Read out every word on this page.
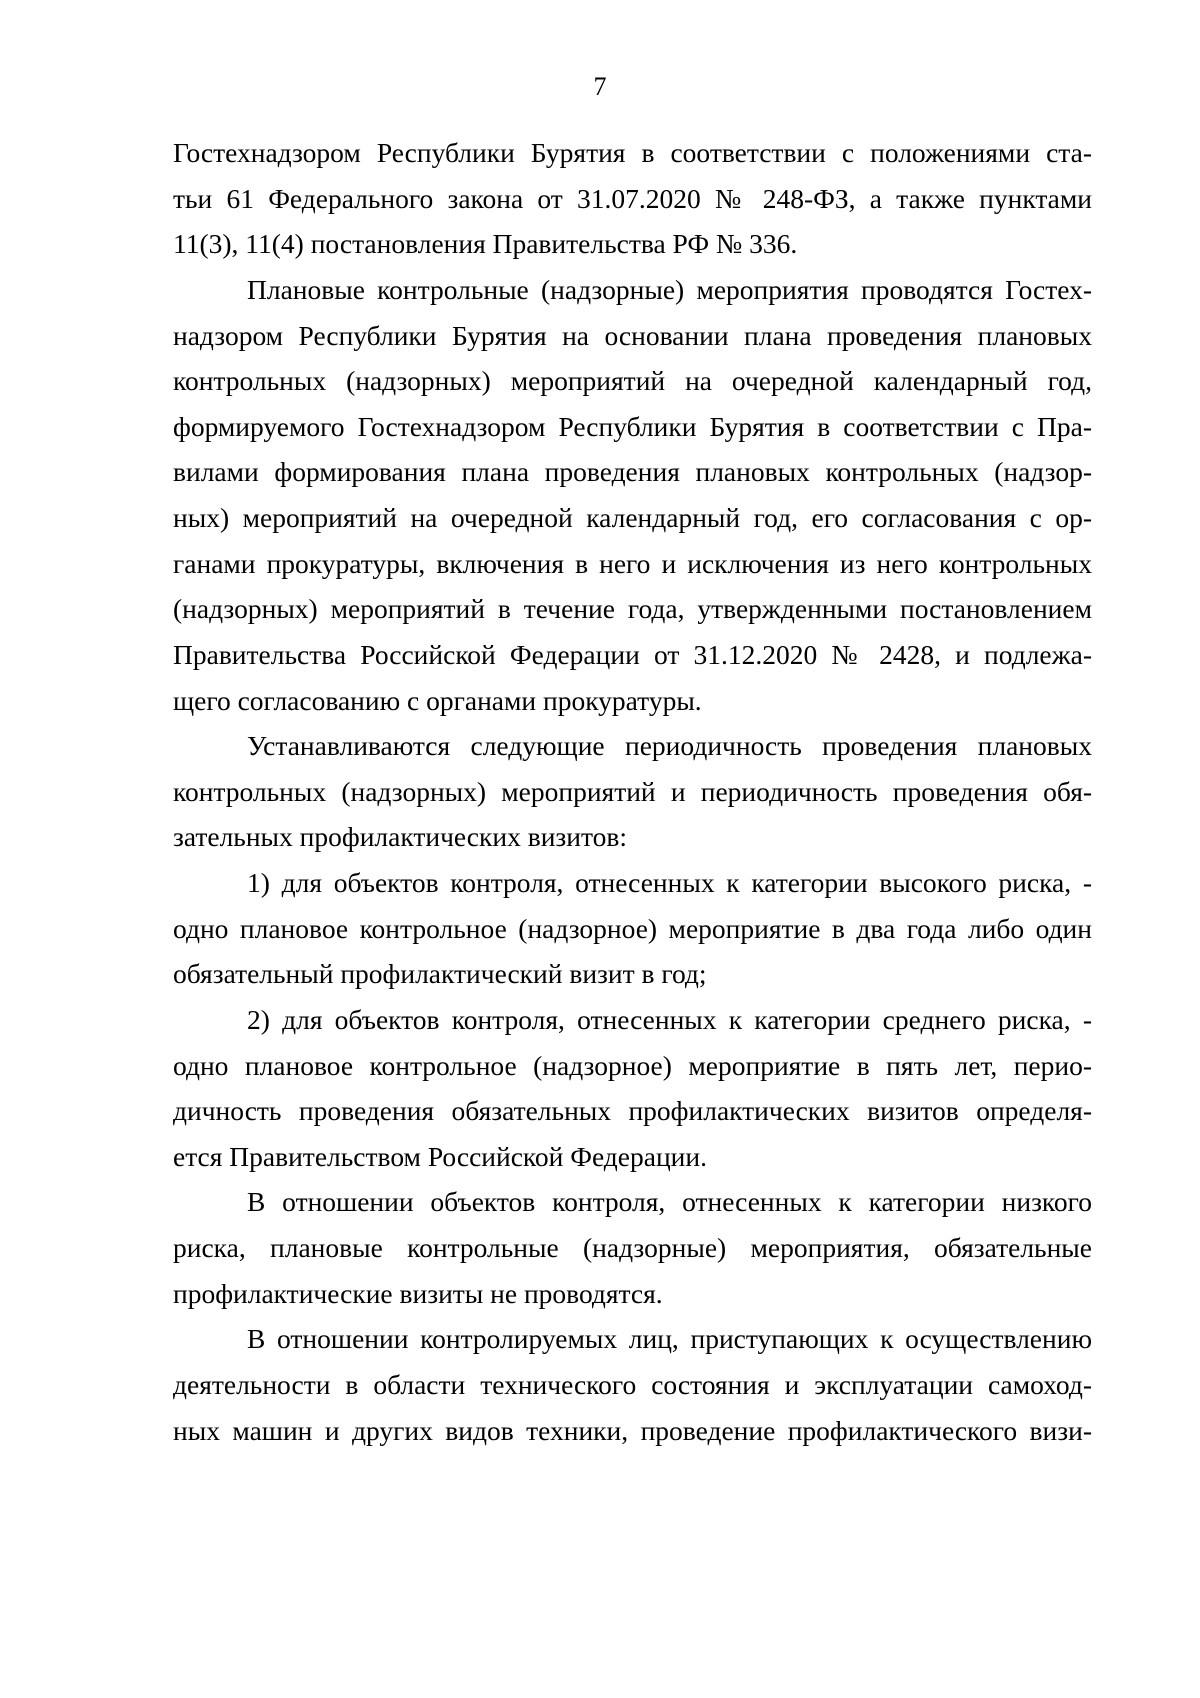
7
Гостехнадзором Республики Бурятия в соответствии с положениями ста-
тьи 61 Федерального закона от 31.07.2020 № 248-ФЗ, а также пунктами
11(3), 11(4) постановления Правительства РФ № 336.
Плановые контрольные (надзорные) мероприятия проводятся Гостех-
надзором Республики Бурятия на основании плана проведения плановых
контрольных (надзорных) мероприятий на очередной календарный год,
формируемого Гостехнадзором Республики Бурятия в соответствии с Пра-
вилами формирования плана проведения плановых контрольных (надзор-
ных) мероприятий на очередной календарный год, его согласования с ор-
ганами прокуратуры, включения в него и исключения из него контрольных
(надзорных) мероприятий в течение года, утвержденными постановлением
Правительства Российской Федерации от 31.12.2020 № 2428, и подлежа-
щего согласованию с органами прокуратуры.
Устанавливаются следующие периодичность проведения плановых
контрольных (надзорных) мероприятий и периодичность проведения обя-
зательных профилактических визитов:
1) для объектов контроля, отнесенных к категории высокого риска, -
одно плановое контрольное (надзорное) мероприятие в два года либо один
обязательный профилактический визит в год;
2) для объектов контроля, отнесенных к категории среднего риска, -
одно плановое контрольное (надзорное) мероприятие в пять лет, перио-
дичность проведения обязательных профилактических визитов определя-
ется Правительством Российской Федерации.
В отношении объектов контроля, отнесенных к категории низкого
риска, плановые контрольные (надзорные) мероприятия, обязательные
профилактические визиты не проводятся.
В отношении контролируемых лиц, приступающих к осуществлению
деятельности в области технического состояния и эксплуатации самоход-
ных машин и других видов техники, проведение профилактического визи-
